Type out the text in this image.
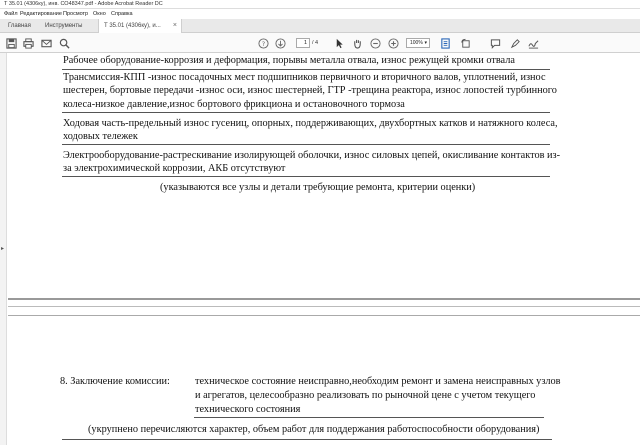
Т 35.01 (4306ку), инв. СО48347.pdf - Adobe Acrobat Reader DC
Файл Редактирование Просмотр Окно Справка
Главная	Инструменты	Т 35.01 (4306ку), и... ×
?	1 / 4	100% ▾
▸
Рабочее оборудование-коррозия и деформация, порывы металла отвала, износ режущей кромки отвала
Трансмиссия-КПП -износ посадочных мест подшипников первичного и вторичного валов, уплотнений, износ
шестерен, бортовые передачи -износ оси, износ шестерней, ГТР -трещина реактора, износ лопостей турбинного
колеса-низкое давление,износ бортового фрикциона и остановочного тормоза
Ходовая часть-предельный износ гусениц, опорных, поддерживающих, двухбортных катков и натяжного колеса,
ходовых тележек
Электрооборудование-растрескивание изолирующей оболочки, износ силовых цепей, окисливание контактов из-
за электрохимической коррозии, АКБ отсутствуют
(указываются все узлы и детали требующие ремонта, критерии оценки)
8. Заключение комиссии: техническое состояние неисправно,необходим ремонт и замена неисправных узлов
и агрегатов, целесообразно реализовать по рыночной цене с учетом текущего
технического состояния
(укрупнено перечисляются характер, объем работ для поддержания работоспособности оборудования)
